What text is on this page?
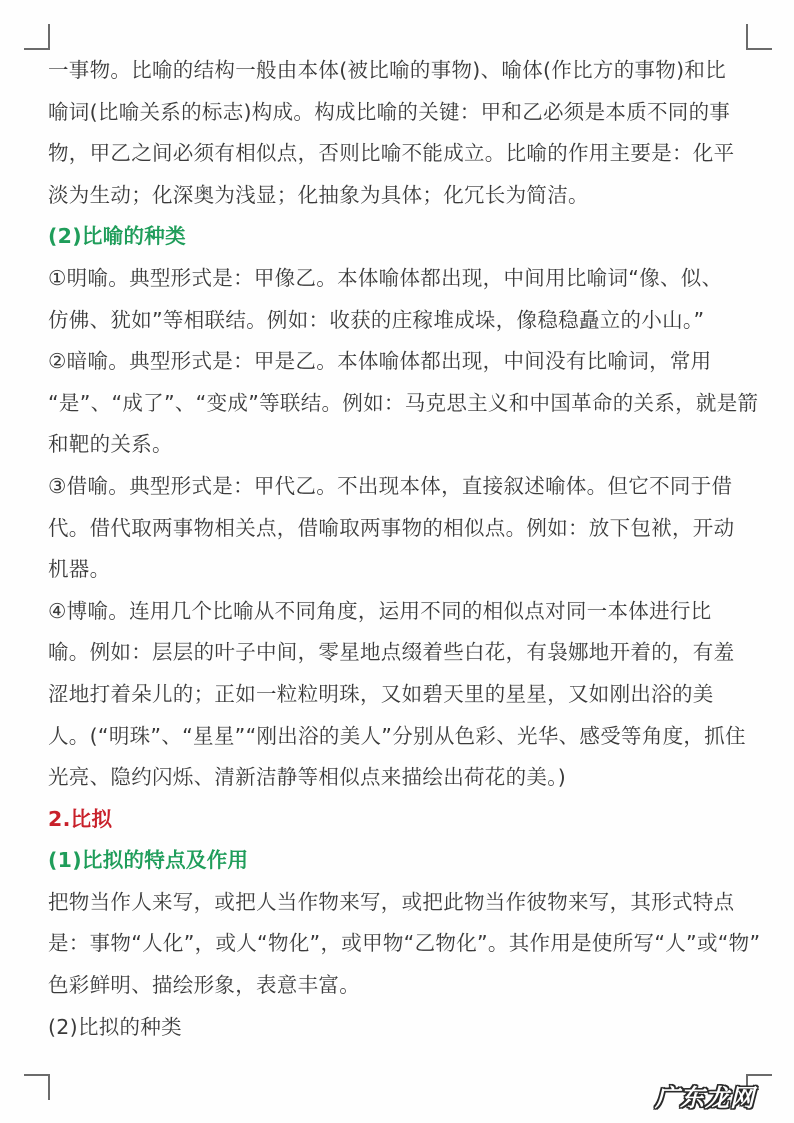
一事物。比喻的结构一般由本体(被比喻的事物)、喻体(作比方的事物)和比
喻词(比喻关系的标志)构成。构成比喻的关键：甲和乙必须是本质不同的事
物，甲乙之间必须有相似点，否则比喻不能成立。比喻的作用主要是：化平
淡为生动；化深奥为浅显；化抽象为具体；化冗长为简洁。
(2)比喻的种类
①明喻。典型形式是：甲像乙。本体喻体都出现，中间用比喻词“像、似、
仿佛、犹如”等相联结。例如：收获的庄稼堆成垛，像稳稳矗立的小山。”
②暗喻。典型形式是：甲是乙。本体喻体都出现，中间没有比喻词，常用
“是”、“成了”、“变成”等联结。例如：马克思主义和中国革命的关系，就是箭
和靶的关系。
③借喻。典型形式是：甲代乙。不出现本体，直接叙述喻体。但它不同于借
代。借代取两事物相关点，借喻取两事物的相似点。例如：放下包袱，开动
机器。
④博喻。连用几个比喻从不同角度，运用不同的相似点对同一本体进行比
喻。例如：层层的叶子中间，零星地点缀着些白花，有袅娜地开着的，有羞
涩地打着朵儿的；正如一粒粒明珠，又如碧天里的星星，又如刚出浴的美
人。(“明珠”、“星星”“刚出浴的美人”分别从色彩、光华、感受等角度，抓住
光亮、隐约闪烁、清新洁静等相似点来描绘出荷花的美。)
2.比拟
(1)比拟的特点及作用
把物当作人来写，或把人当作物来写，或把此物当作彼物来写，其形式特点
是：事物“人化”，或人“物化”，或甲物“乙物化”。其作用是使所写“人”或“物”
色彩鲜明、描绘形象，表意丰富。
(2)比拟的种类
广东龙网
